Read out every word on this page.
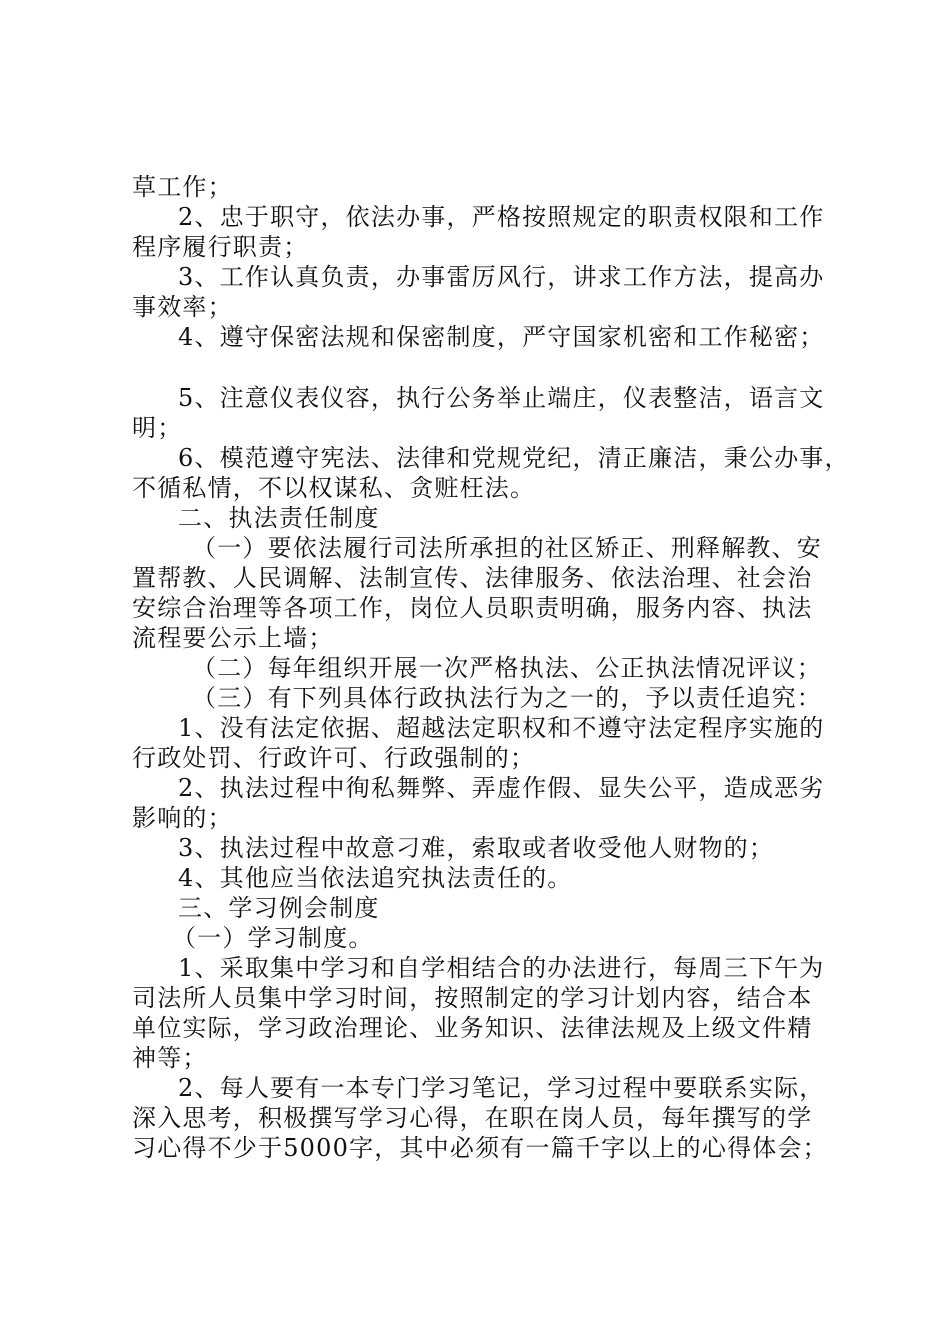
草工作；
2、忠于职守，依法办事，严格按照规定的职责权限和工作
程序履行职责；
3、工作认真负责，办事雷厉风行，讲求工作方法，提高办
事效率；
4、遵守保密法规和保密制度，严守国家机密和工作秘密；
5、注意仪表仪容，执行公务举止端庄，仪表整洁，语言文
明；
6、模范遵守宪法、法律和党规党纪，清正廉洁，秉公办事，
不循私情，不以权谋私、贪赃枉法。
二、执法责任制度
（一）要依法履行司法所承担的社区矫正、刑释解教、安
置帮教、人民调解、法制宣传、法律服务、依法治理、社会治
安综合治理等各项工作，岗位人员职责明确，服务内容、执法
流程要公示上墙；
（二）每年组织开展一次严格执法、公正执法情况评议；
（三）有下列具体行政执法行为之一的，予以责任追究：
1、没有法定依据、超越法定职权和不遵守法定程序实施的
行政处罚、行政许可、行政强制的；
2、执法过程中徇私舞弊、弄虚作假、显失公平，造成恶劣
影响的；
3、执法过程中故意刁难，索取或者收受他人财物的；
4、其他应当依法追究执法责任的。
三、学习例会制度
（一）学习制度。
1、采取集中学习和自学相结合的办法进行，每周三下午为
司法所人员集中学习时间，按照制定的学习计划内容，结合本
单位实际，学习政治理论、业务知识、法律法规及上级文件精
神等；
2、每人要有一本专门学习笔记，学习过程中要联系实际，
深入思考，积极撰写学习心得，在职在岗人员，每年撰写的学
习心得不少于5000字，其中必须有一篇千字以上的心得体会；
